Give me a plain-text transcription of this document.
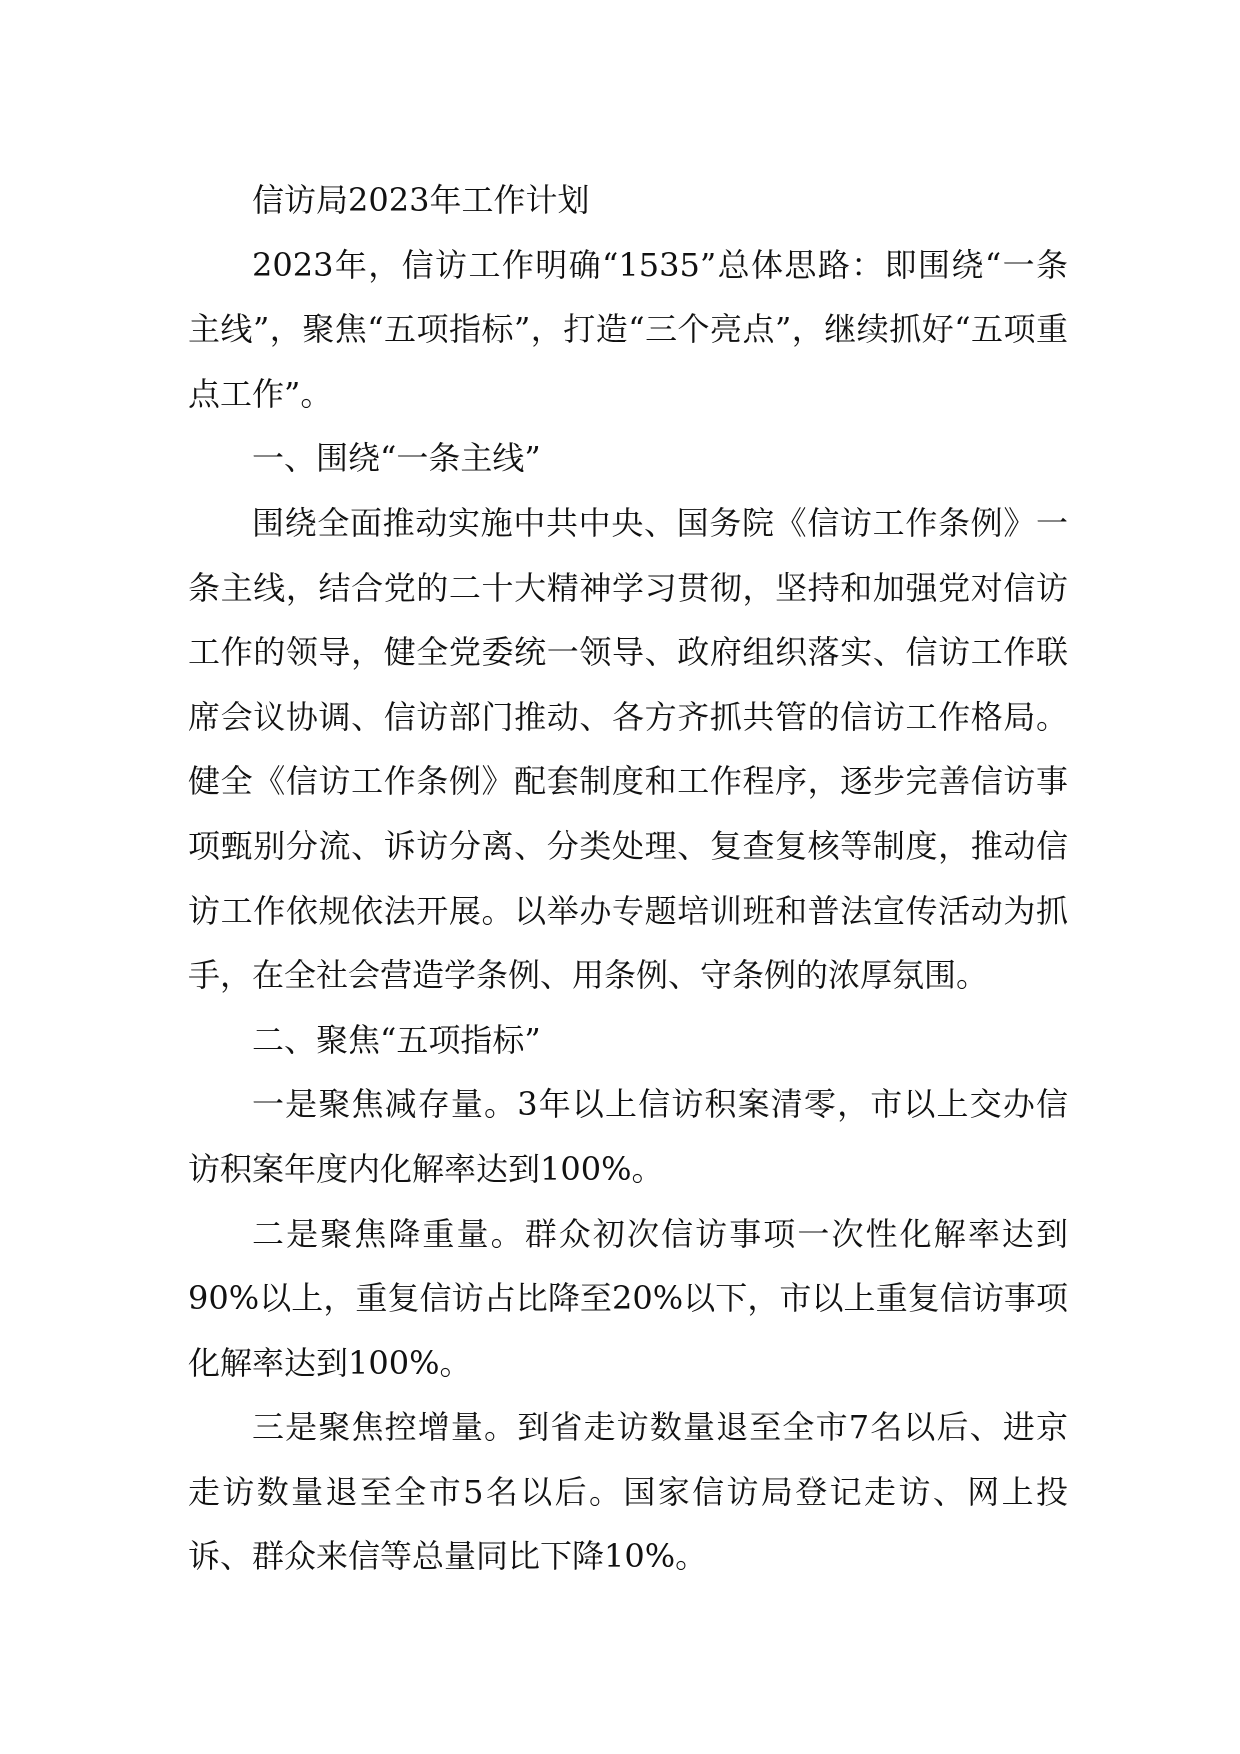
信访局2023年工作计划

2023年，信访工作明确“1535”总体思路：即围绕“一条主线”，聚焦“五项指标”，打造“三个亮点”，继续抓好“五项重点工作”。

一、围绕“一条主线”

围绕全面推动实施中共中央、国务院《信访工作条例》一条主线，结合党的二十大精神学习贯彻，坚持和加强党对信访工作的领导，健全党委统一领导、政府组织落实、信访工作联席会议协调、信访部门推动、各方齐抓共管的信访工作格局。健全《信访工作条例》配套制度和工作程序，逐步完善信访事项甄别分流、诉访分离、分类处理、复查复核等制度，推动信访工作依规依法开展。以举办专题培训班和普法宣传活动为抓手，在全社会营造学条例、用条例、守条例的浓厚氛围。

二、聚焦“五项指标”

一是聚焦减存量。3年以上信访积案清零，市以上交办信访积案年度内化解率达到100%。

二是聚焦降重量。群众初次信访事项一次性化解率达到90%以上，重复信访占比降至20%以下，市以上重复信访事项化解率达到100%。

三是聚焦控增量。到省走访数量退至全市7名以后、进京走访数量退至全市5名以后。国家信访局登记走访、网上投诉、群众来信等总量同比下降10%。
